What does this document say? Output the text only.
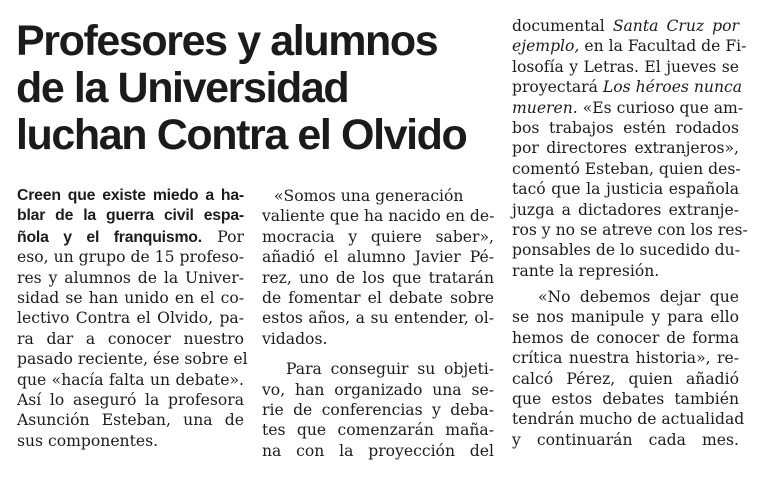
Profesores y alumnos
de la Universidad
luchan Contra el Olvido
Creen que existe miedo a ha-
blar de la guerra civil espa-
ñola y el franquismo. Por
eso, un grupo de 15 profeso-
res y alumnos de la Univer-
sidad se han unido en el co-
lectivo Contra el Olvido, pa-
ra dar a conocer nuestro
pasado reciente, ése sobre el
que «hacía falta un debate».
Así lo aseguró la profesora
Asunción Esteban, una de
sus componentes.
«Somos una generación
valiente que ha nacido en de-
mocracia y quiere saber»,
añadió el alumno Javier Pé-
rez, uno de los que tratarán
de fomentar el debate sobre
estos años, a su entender, ol-
vidados.
Para conseguir su objeti-
vo, han organizado una se-
rie de conferencias y deba-
tes que comenzarán maña-
na con la proyección del
documental Santa Cruz por
ejemplo, en la Facultad de Fi-
losofía y Letras. El jueves se
proyectará Los héroes nunca
mueren. «Es curioso que am-
bos trabajos estén rodados
por directores extranjeros»,
comentó Esteban, quien des-
tacó que la justicia española
juzga a dictadores extranje-
ros y no se atreve con los res-
ponsables de lo sucedido du-
rante la represión.
«No debemos dejar que
se nos manipule y para ello
hemos de conocer de forma
crítica nuestra historia», re-
calcó Pérez, quien añadió
que estos debates también
tendrán mucho de actualidad
y continuarán cada mes.
